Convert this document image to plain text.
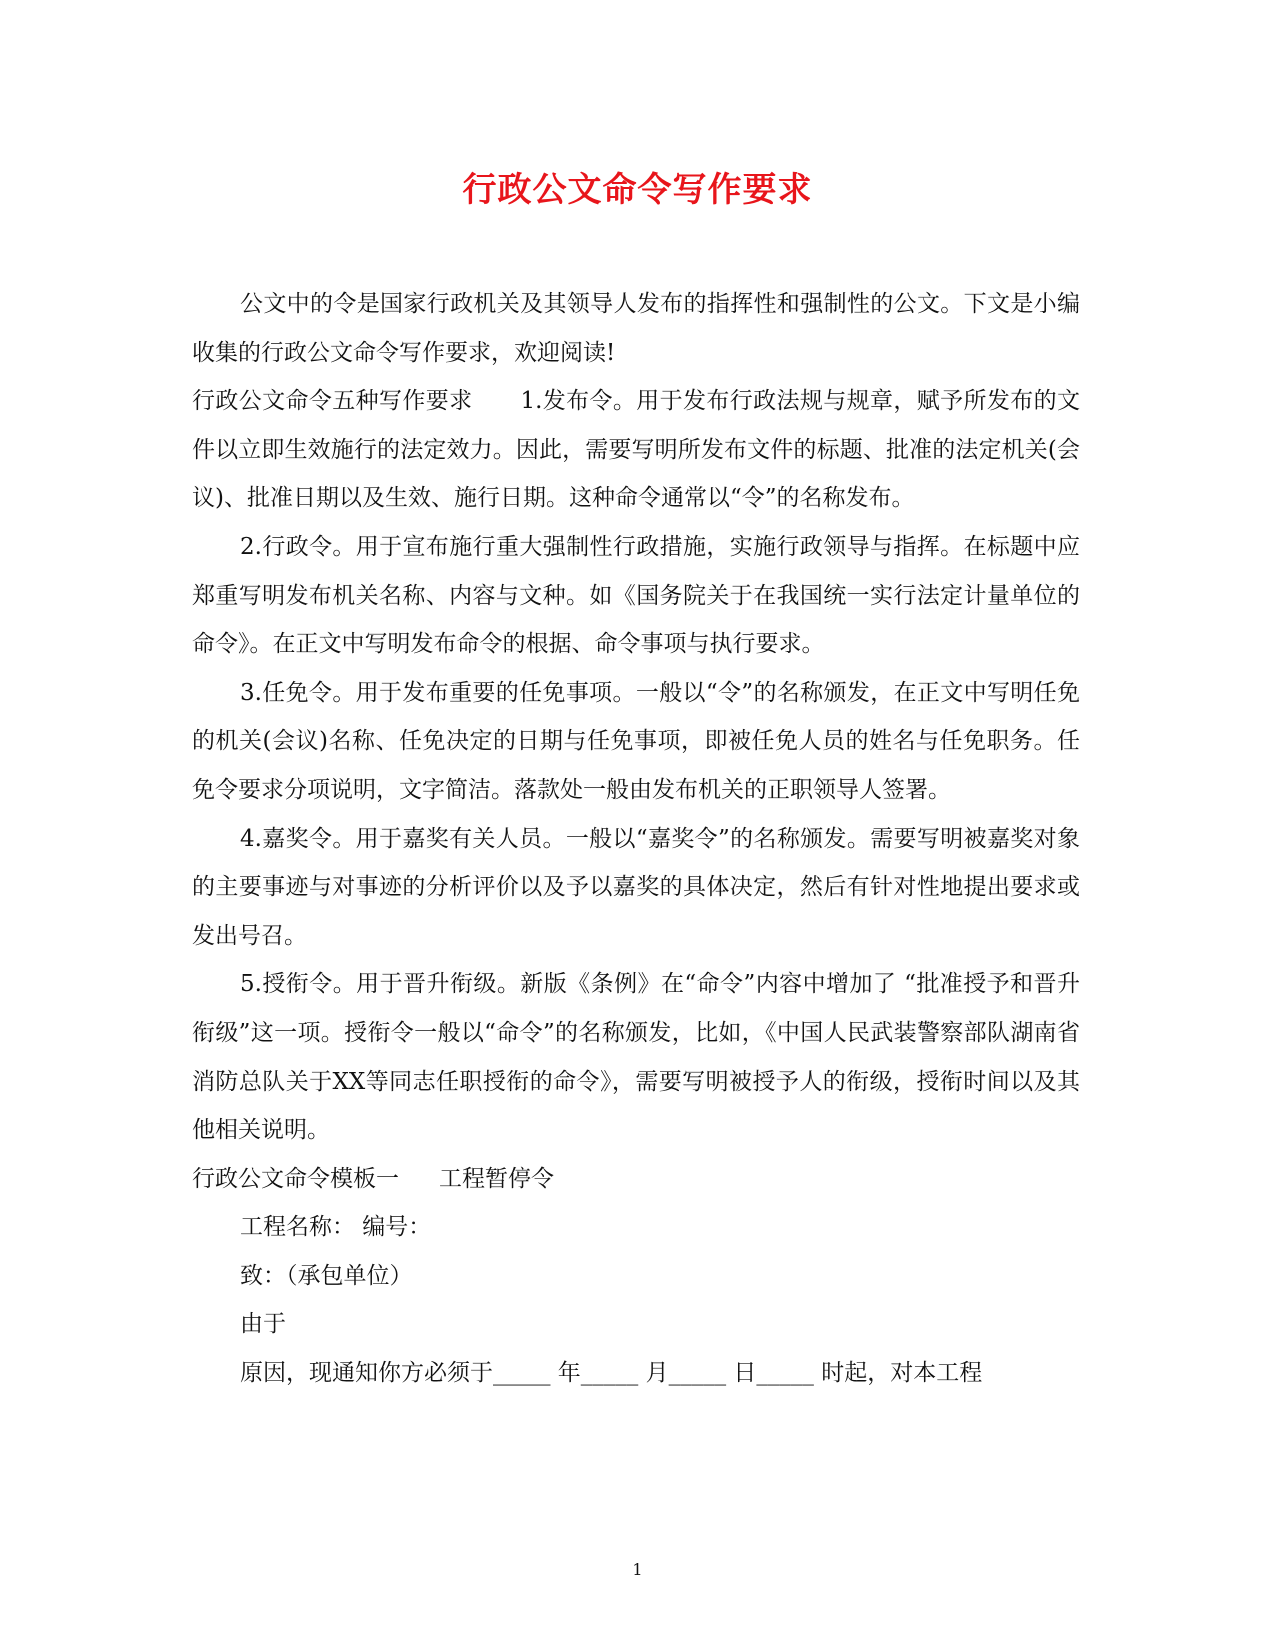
行政公文命令写作要求

公文中的令是国家行政机关及其领导人发布的指挥性和强制性的公文。下文是小编收集的行政公文命令写作要求，欢迎阅读!

行政公文命令五种写作要求 1.发布令。用于发布行政法规与规章，赋予所发布的文件以立即生效施行的法定效力。因此，需要写明所发布文件的标题、批准的法定机关(会议)、批准日期以及生效、施行日期。这种命令通常以“令”的名称发布。

2.行政令。用于宣布施行重大强制性行政措施，实施行政领导与指挥。在标题中应郑重写明发布机关名称、内容与文种。如《国务院关于在我国统一实行法定计量单位的命令》。在正文中写明发布命令的根据、命令事项与执行要求。

3.任免令。用于发布重要的任免事项。一般以“令”的名称颁发，在正文中写明任免的机关(会议)名称、任免决定的日期与任免事项，即被任免人员的姓名与任免职务。任免令要求分项说明，文字简洁。落款处一般由发布机关的正职领导人签署。

4.嘉奖令。用于嘉奖有关人员。一般以“嘉奖令”的名称颁发。需要写明被嘉奖对象的主要事迹与对事迹的分析评价以及予以嘉奖的具体决定，然后有针对性地提出要求或发出号召。

5.授衔令。用于晋升衔级。新版《条例》在“命令”内容中增加了 “批准授予和晋升衔级”这一项。授衔令一般以“命令”的名称颁发，比如，《中国人民武装警察部队湖南省消防总队关于XX等同志任职授衔的命令》，需要写明被授予人的衔级，授衔时间以及其他相关说明。

行政公文命令模板一 工程暂停令

工程名称： 编号：

致：（承包单位）

由于

原因，现通知你方必须于_____ 年_____ 月_____ 日_____ 时起，对本工程

1
